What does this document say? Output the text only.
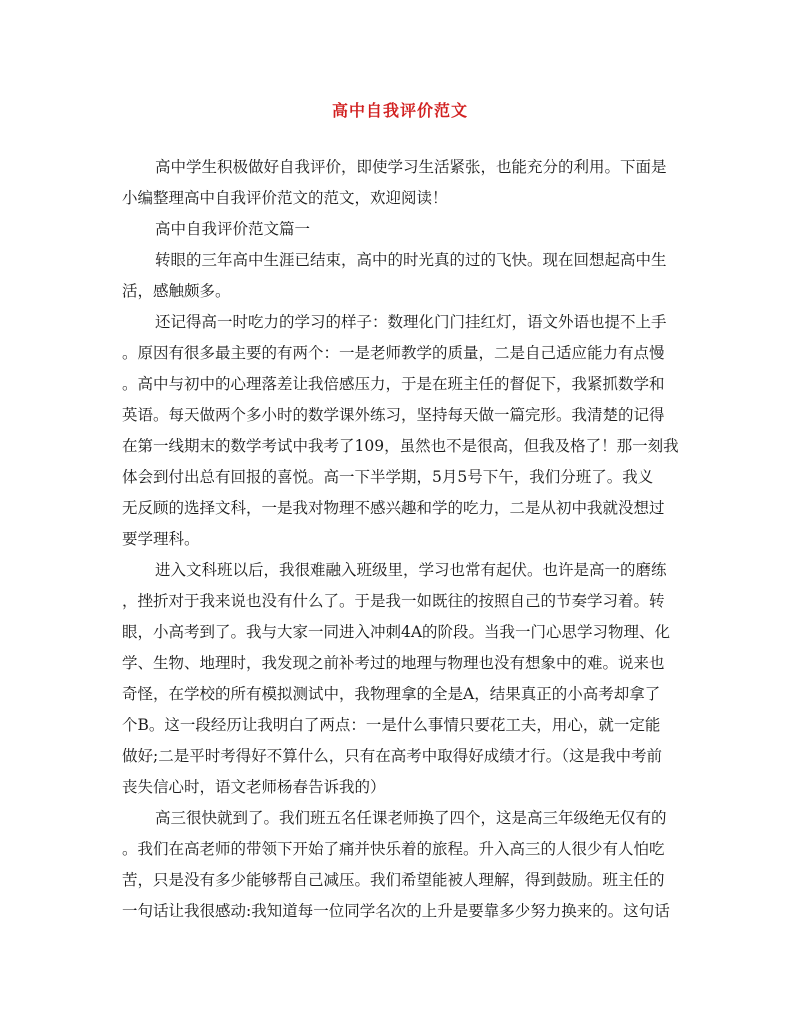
高中自我评价范文
高中学生积极做好自我评价，即使学习生活紧张，也能充分的利用。下面是
小编整理高中自我评价范文的范文，欢迎阅读！
高中自我评价范文篇一
转眼的三年高中生涯已结束，高中的时光真的过的飞快。现在回想起高中生
活，感触颇多。
还记得高一时吃力的学习的样子：数理化门门挂红灯，语文外语也提不上手
。原因有很多最主要的有两个：一是老师教学的质量，二是自己适应能力有点慢
。高中与初中的心理落差让我倍感压力，于是在班主任的督促下，我紧抓数学和
英语。每天做两个多小时的数学课外练习，坚持每天做一篇完形。我清楚的记得
在第一线期末的数学考试中我考了109，虽然也不是很高，但我及格了！那一刻我
体会到付出总有回报的喜悦。高一下半学期，5月5号下午，我们分班了。我义
无反顾的选择文科，一是我对物理不感兴趣和学的吃力，二是从初中我就没想过
要学理科。
进入文科班以后，我很难融入班级里，学习也常有起伏。也许是高一的磨练
，挫折对于我来说也没有什么了。于是我一如既往的按照自己的节奏学习着。转
眼，小高考到了。我与大家一同进入冲刺4A的阶段。当我一门心思学习物理、化
学、生物、地理时，我发现之前补考过的地理与物理也没有想象中的难。说来也
奇怪，在学校的所有模拟测试中，我物理拿的全是A，结果真正的小高考却拿了
个B。这一段经历让我明白了两点：一是什么事情只要花工夫，用心，就一定能
做好;二是平时考得好不算什么，只有在高考中取得好成绩才行。（这是我中考前
丧失信心时，语文老师杨春告诉我的）
高三很快就到了。我们班五名任课老师换了四个，这是高三年级绝无仅有的
。我们在高老师的带领下开始了痛并快乐着的旅程。升入高三的人很少有人怕吃
苦，只是没有多少能够帮自己减压。我们希望能被人理解，得到鼓励。班主任的
一句话让我很感动:我知道每一位同学名次的上升是要靠多少努力换来的。这句话
